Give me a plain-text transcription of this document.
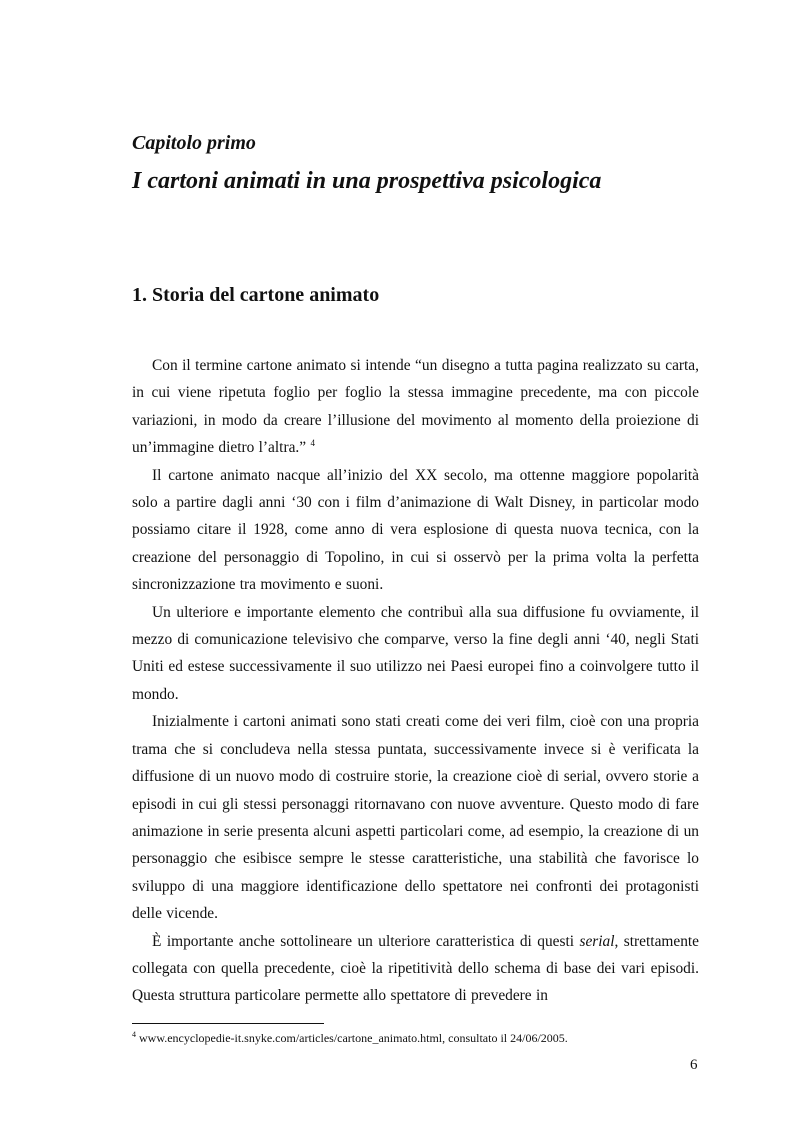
Capitolo primo
I cartoni animati in una prospettiva psicologica
1. Storia del cartone animato

Con il termine cartone animato si intende “un disegno a tutta pagina realizzato su carta, in cui viene ripetuta foglio per foglio la stessa immagine precedente, ma con piccole variazioni, in modo da creare l’illusione del movimento al momento della proiezione di un’immagine dietro l’altra.” $^4$

Il cartone animato nacque all’inizio del XX secolo, ma ottenne maggiore popolarità solo a partire dagli anni ‘30 con i film d’animazione di Walt Disney, in particolar modo possiamo citare il 1928, come anno di vera esplosione di questa nuova tecnica, con la creazione del personaggio di Topolino, in cui si osservò per la prima volta la perfetta sincronizzazione tra movimento e suoni.

Un ulteriore e importante elemento che contribuì alla sua diffusione fu ovviamente, il mezzo di comunicazione televisivo che comparve, verso la fine degli anni ‘40, negli Stati Uniti ed estese successivamente il suo utilizzo nei Paesi europei fino a coinvolgere tutto il mondo.

Inizialmente i cartoni animati sono stati creati come dei veri film, cioè con una propria trama che si concludeva nella stessa puntata, successivamente invece si è verificata la diffusione di un nuovo modo di costruire storie, la creazione cioè di serial, ovvero storie a episodi in cui gli stessi personaggi ritornavano con nuove avventure. Questo modo di fare animazione in serie presenta alcuni aspetti particolari come, ad esempio, la creazione di un personaggio che esibisce sempre le stesse caratteristiche, una stabilità che favorisce lo sviluppo di una maggiore identificazione dello spettatore nei confronti dei protagonisti delle vicende.

È importante anche sottolineare un ulteriore caratteristica di questi serial, strettamente collegata con quella precedente, cioè la ripetitività dello schema di base dei vari episodi. Questa struttura particolare permette allo spettatore di prevedere in

$^4$ www.encyclopedie-it.snyke.com/articles/cartone_animato.html, consultato il 24/06/2005.

6
